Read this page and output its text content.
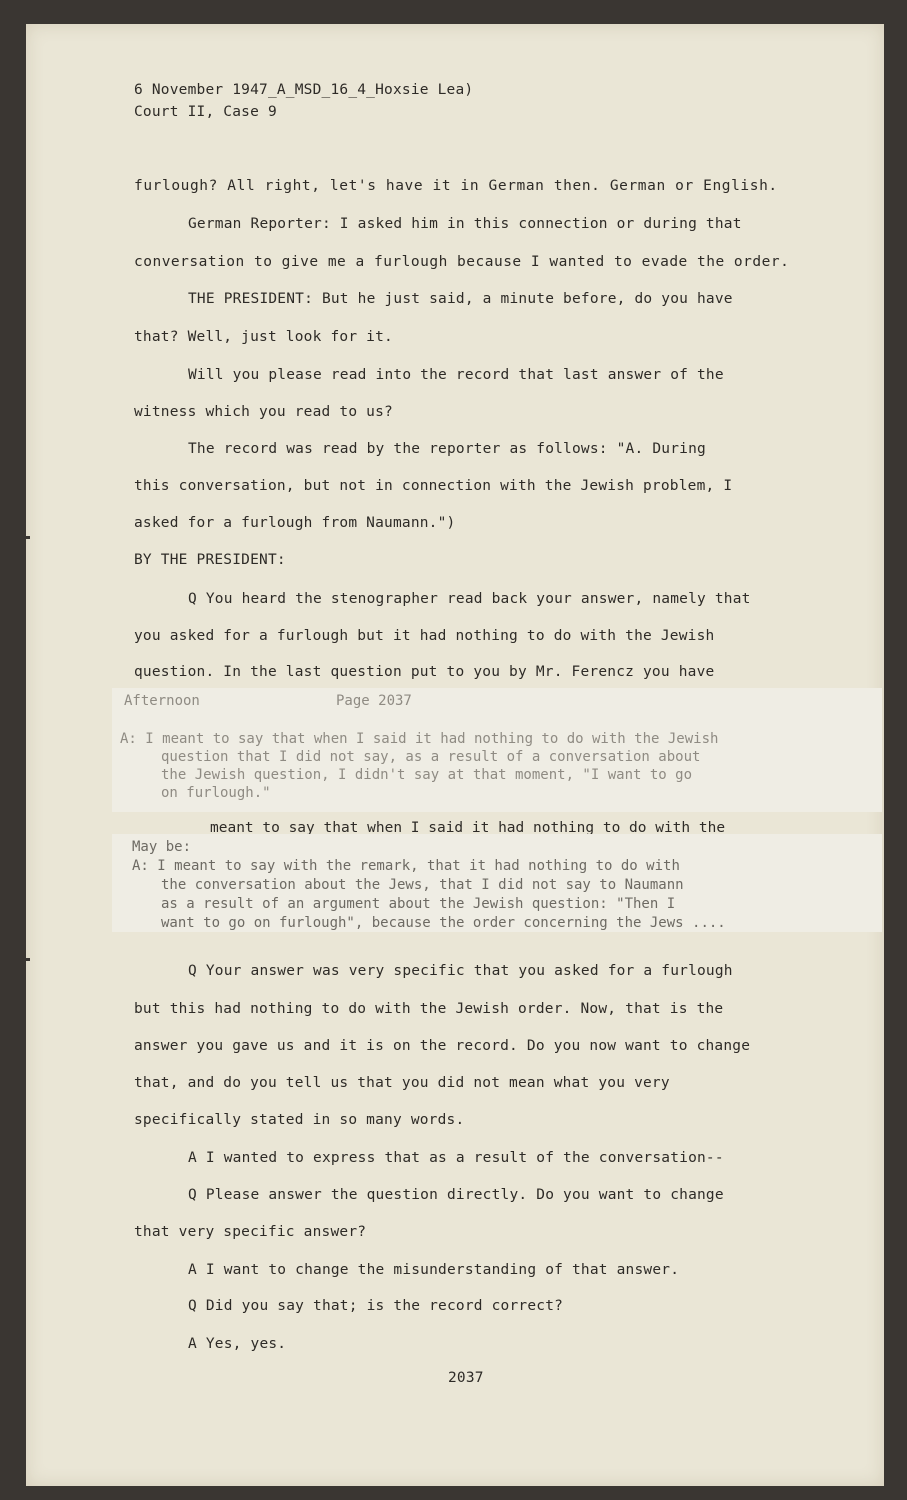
6 November 1947_A_MSD_16_4_Hoxsie Lea)
Court II, Case 9
furlough? All right, let's have it in German then. German or English.
German Reporter: I asked him in this connection or during that
conversation to give me a furlough because I wanted to evade the order.
THE PRESIDENT: But he just said, a minute before, do you have
that? Well, just look for it.
Will you please read into the record that last answer of the
witness which you read to us?
The record was read by the reporter as follows: "A. During
this conversation, but not in connection with the Jewish problem, I
asked for a furlough from Naumann.")
BY THE PRESIDENT:
Q You heard the stenographer read back your answer, namely that
you asked for a furlough but it had nothing to do with the Jewish
question. In the last question put to you by Mr. Ferencz you have
Afternoon	Page 2037
A: I meant to say that when I said it had nothing to do with the Jewish
question that I did not say, as a result of a conversation about
the Jewish question, I didn't say at that moment, "I want to go
on furlough."
meant to say that when I said it had nothing to do with the
May be:
A: I meant to say with the remark, that it had nothing to do with
the conversation about the Jews, that I did not say to Naumann
as a result of an argument about the Jewish question: "Then I
want to go on furlough", because the order concerning the Jews ....
Q Your answer was very specific that you asked for a furlough
but this had nothing to do with the Jewish order. Now, that is the
answer you gave us and it is on the record. Do you now want to change
that, and do you tell us that you did not mean what you very
specifically stated in so many words.
A I wanted to express that as a result of the conversation--
Q Please answer the question directly. Do you want to change
that very specific answer?
A I want to change the misunderstanding of that answer.
Q Did you say that; is the record correct?
A Yes, yes.
2037
